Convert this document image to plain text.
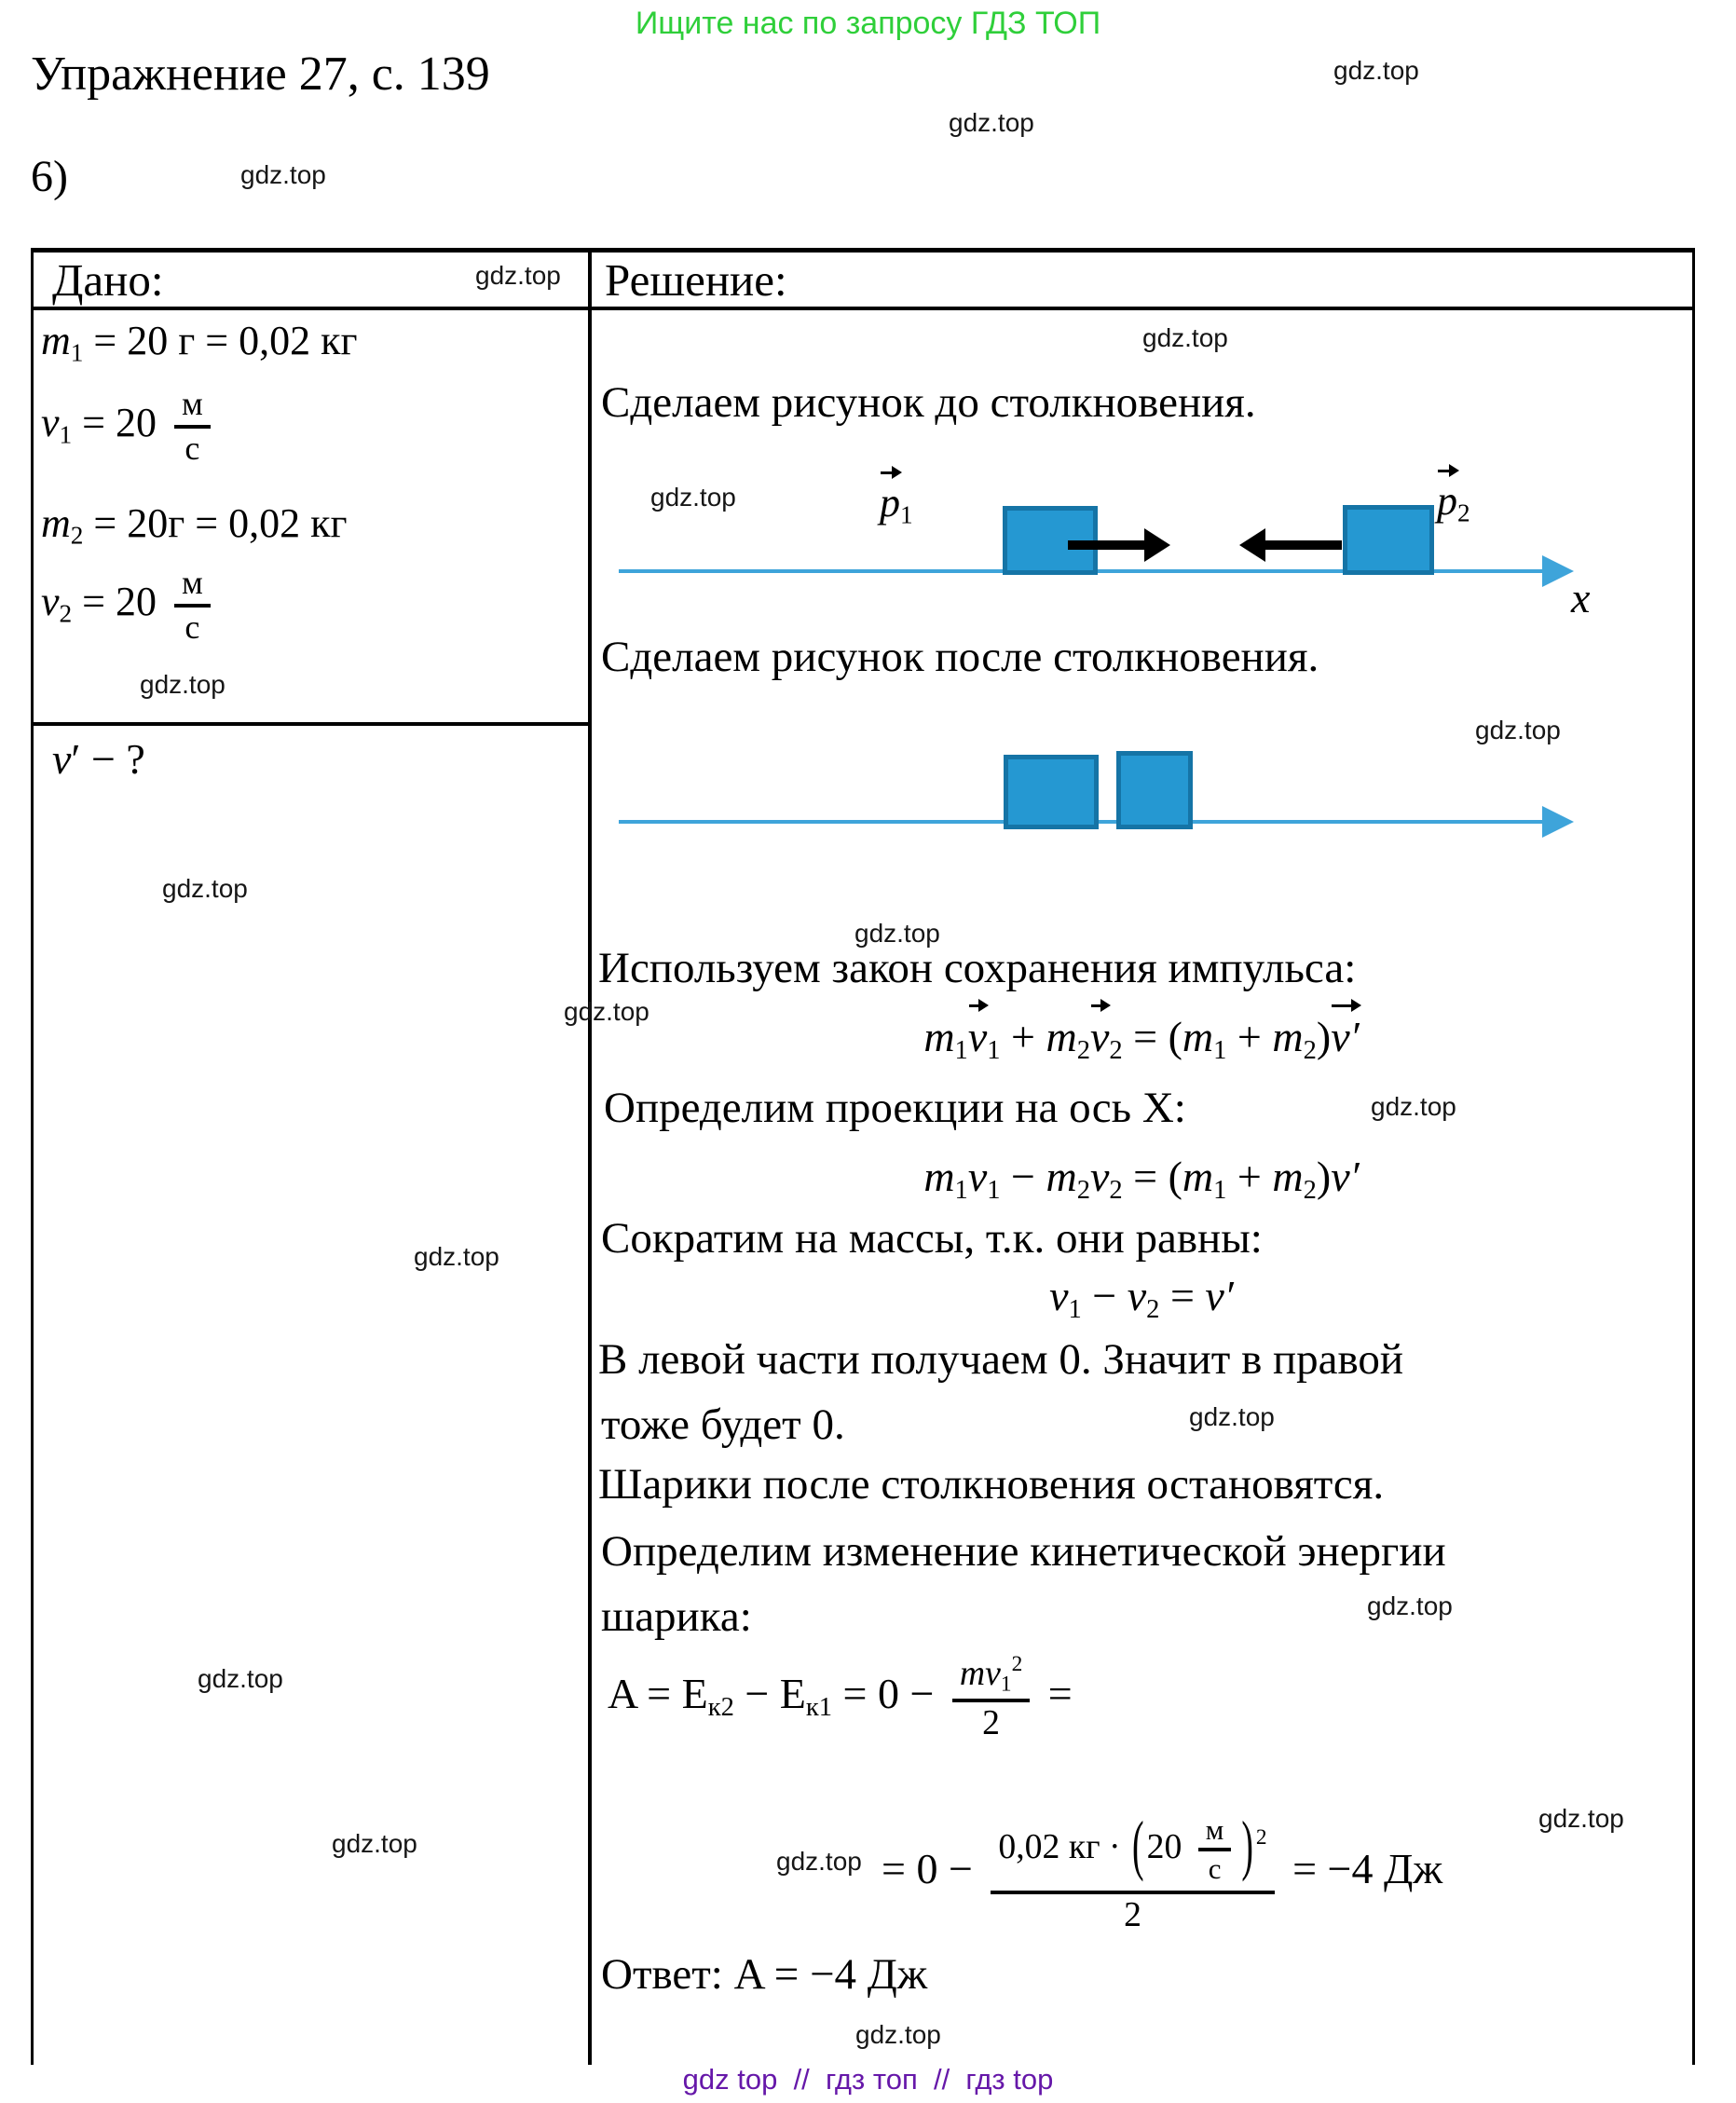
Ищите нас по запросу ГДЗ ТОП
Упражнение 27, с. 139
6)
Дано:	Решение:
m1 = 20 г = 0,02 кг
v1 = 20 м
с
m2 = 20г = 0,02 кг
v2 = 20 м
с
v′ − ?
Сделаем рисунок до столкновения.
Сделаем рисунок после столкновения.
Используем закон сохранения импульса:
m1
v1 + m2
v2 = (m1 + m2)
v′
Определим проекции на ось X:
m1v1 − m2v2 = (m1 + m2)v′
Сократим на массы, т.к. они равны:
v1 − v2 = v′
В левой части получаем 0. Значит в правой
тоже будет 0.
Шарики после столкновения остановятся.
Определим изменение кинетической энергии
шарика:
$A = Eк2 - Eк1 = 0 - \frac{mv1^2}{2}$ =
= 0 − 0,02 кг · (20 м
с ) $^2$
2
= −4 Дж
Ответ: A = −4 Дж
x
p1	p2
gdz.top
gdz.top
gdz.top
gdz.top
gdz.top
gdz.top
gdz.top
gdz.top
gdz.top
gdz.top
gdz.top
gdz.top
gdz.top
gdz.top
gdz.top
gdz.top
gdz.top
gdz.top
gdz.top
gdz.top
gdz top  //  гдз топ  //  гдз top
